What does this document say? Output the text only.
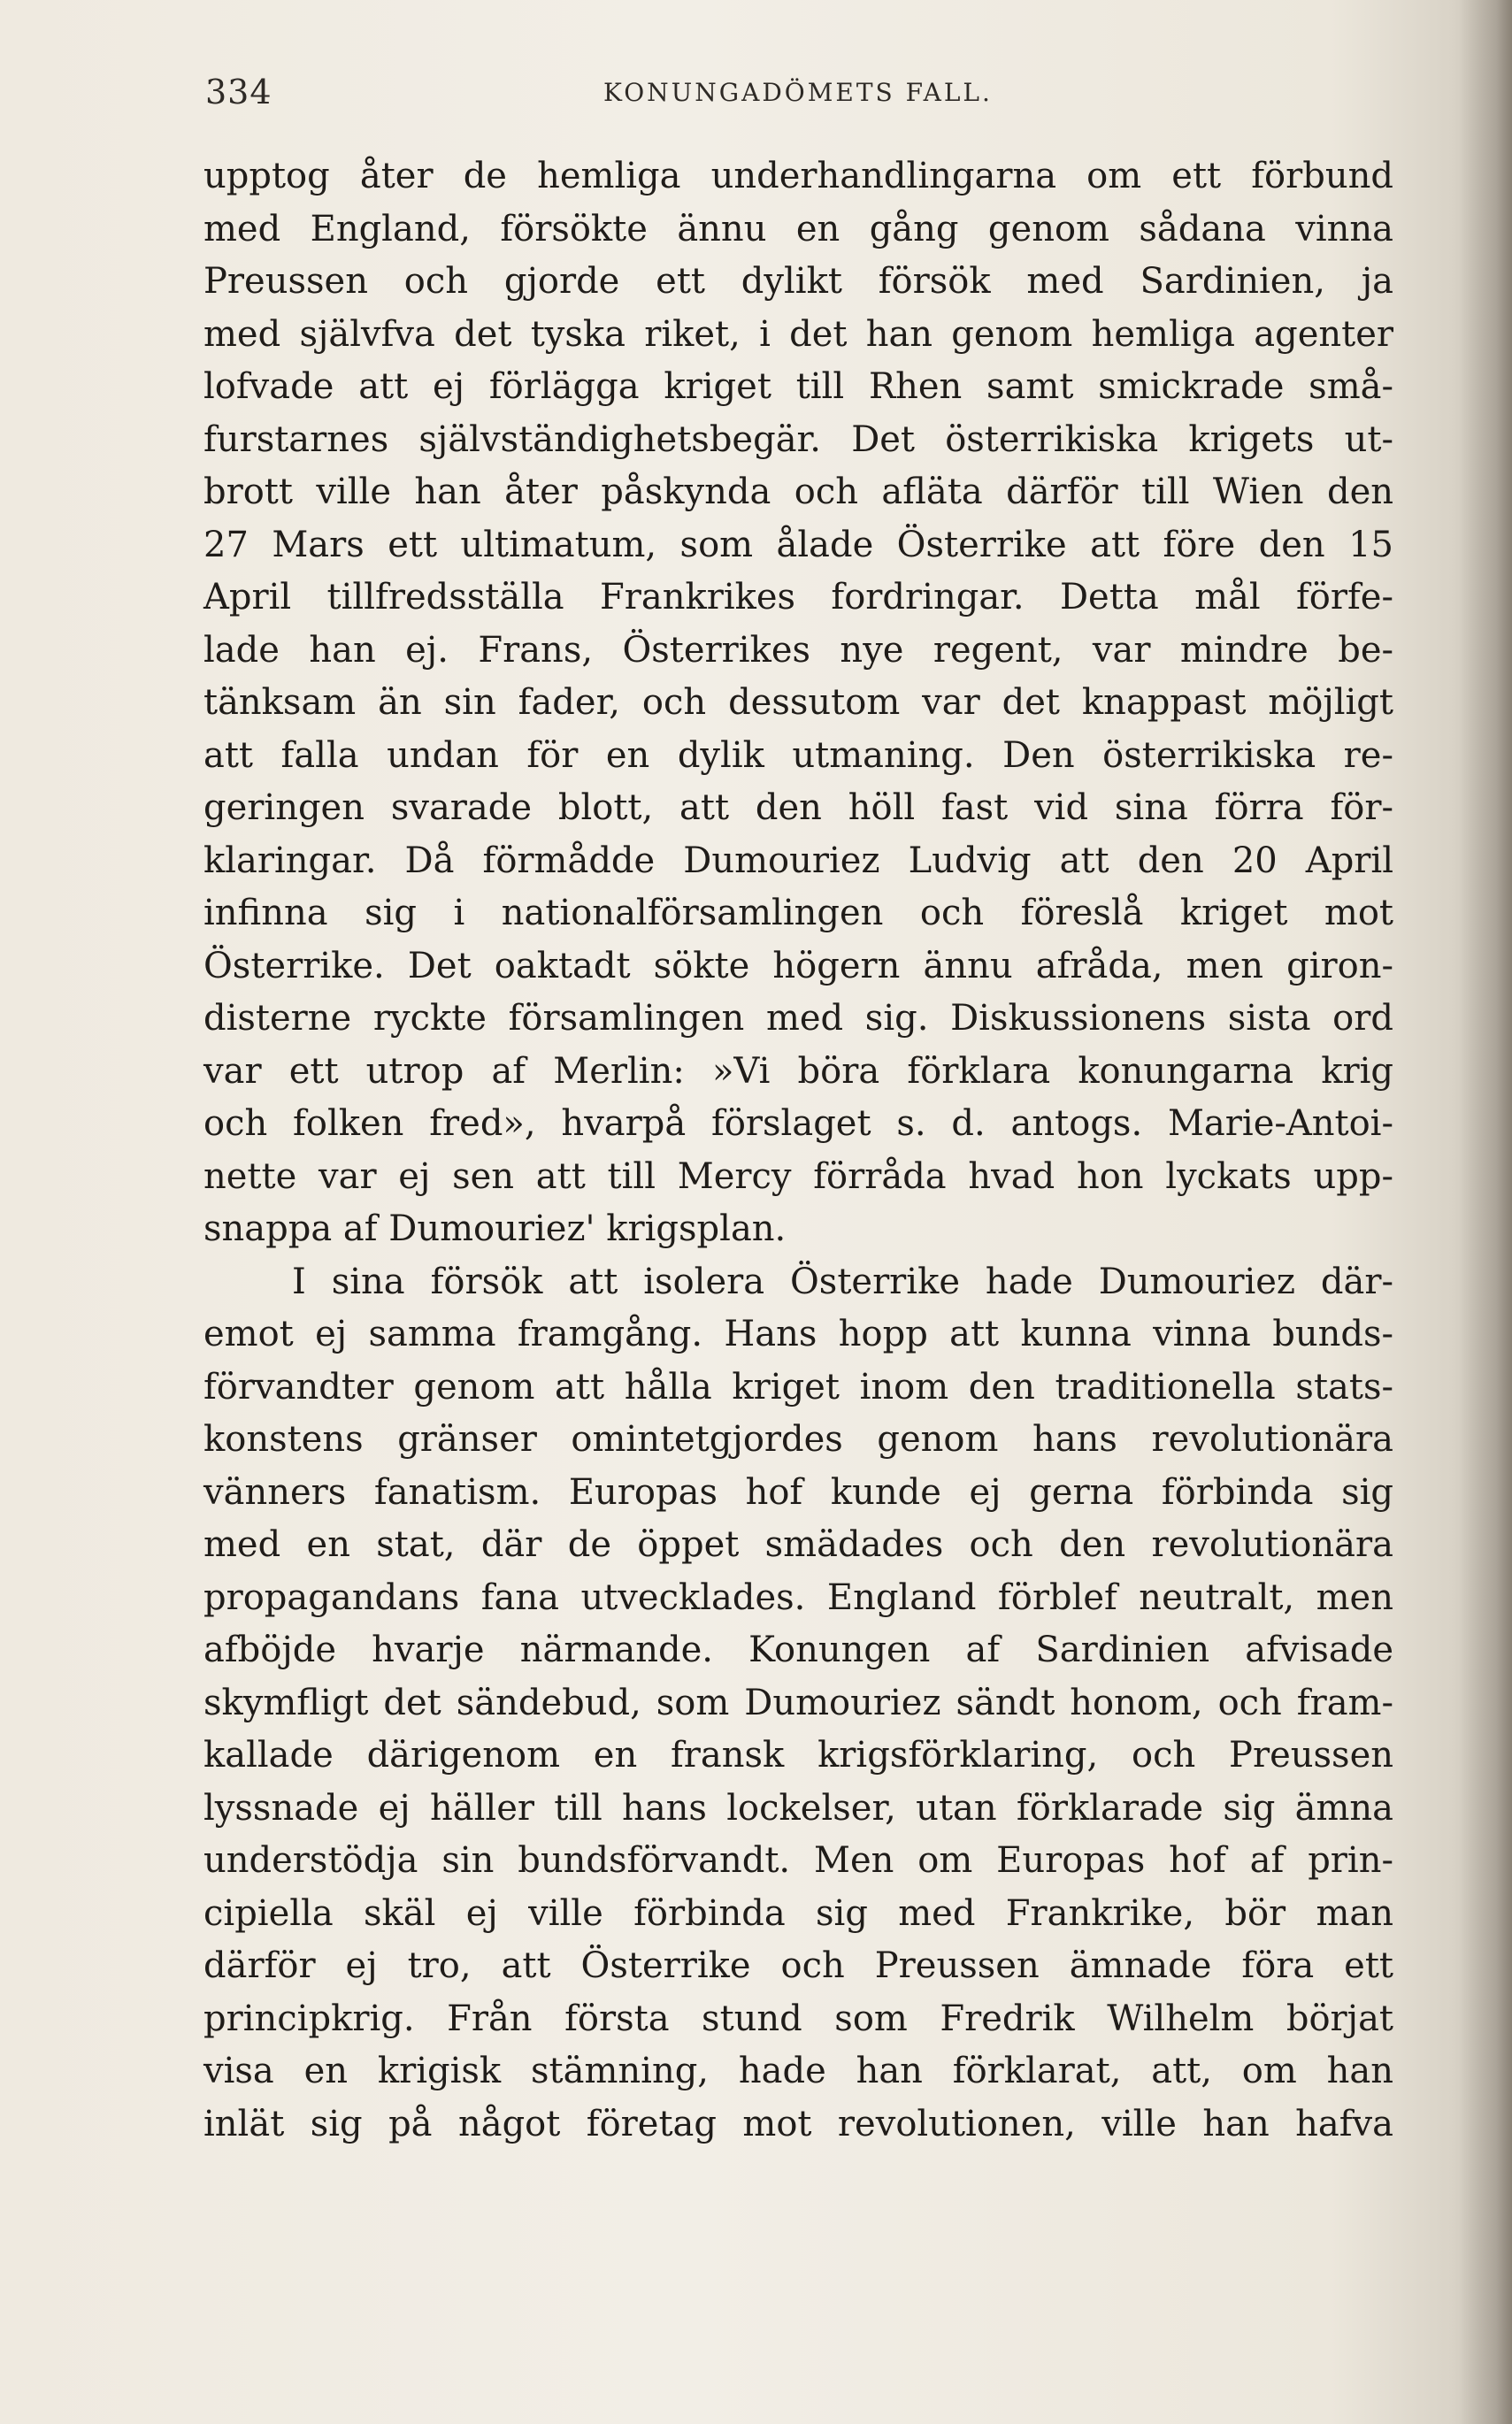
334	KONUNGADÖMETS FALL.
upptog åter de hemliga underhandlingarna om ett förbund
med England, försökte ännu en gång genom sådana vinna
Preussen och gjorde ett dylikt försök med Sardinien, ja
med självfva det tyska riket, i det han genom hemliga agenter
lofvade att ej förlägga kriget till Rhen samt smickrade små-
furstarnes självständighetsbegär. Det österrikiska krigets ut-
brott ville han åter påskynda och afläta därför till Wien den
27 Mars ett ultimatum, som ålade Österrike att före den 15
April tillfredsställa Frankrikes fordringar. Detta mål förfe-
lade han ej. Frans, Österrikes nye regent, var mindre be-
tänksam än sin fader, och dessutom var det knappast möjligt
att falla undan för en dylik utmaning. Den österrikiska re-
geringen svarade blott, att den höll fast vid sina förra för-
klaringar. Då förmådde Dumouriez Ludvig att den 20 April
infinna sig i nationalförsamlingen och föreslå kriget mot
Österrike. Det oaktadt sökte högern ännu afråda, men giron-
disterne ryckte församlingen med sig. Diskussionens sista ord
var ett utrop af Merlin: »Vi böra förklara konungarna krig
och folken fred», hvarpå förslaget s. d. antogs. Marie-Antoi-
nette var ej sen att till Mercy förråda hvad hon lyckats upp-
snappa af Dumouriez' krigsplan.
I sina försök att isolera Österrike hade Dumouriez där-
emot ej samma framgång. Hans hopp att kunna vinna bunds-
förvandter genom att hålla kriget inom den traditionella stats-
konstens gränser omintetgjordes genom hans revolutionära
vänners fanatism. Europas hof kunde ej gerna förbinda sig
med en stat, där de öppet smädades och den revolutionära
propagandans fana utvecklades. England förblef neutralt, men
afböjde hvarje närmande. Konungen af Sardinien afvisade
skymfligt det sändebud, som Dumouriez sändt honom, och fram-
kallade därigenom en fransk krigsförklaring, och Preussen
lyssnade ej häller till hans lockelser, utan förklarade sig ämna
understödja sin bundsförvandt. Men om Europas hof af prin-
cipiella skäl ej ville förbinda sig med Frankrike, bör man
därför ej tro, att Österrike och Preussen ämnade föra ett
principkrig. Från första stund som Fredrik Wilhelm börjat
visa en krigisk stämning, hade han förklarat, att, om han
inlät sig på något företag mot revolutionen, ville han hafva
